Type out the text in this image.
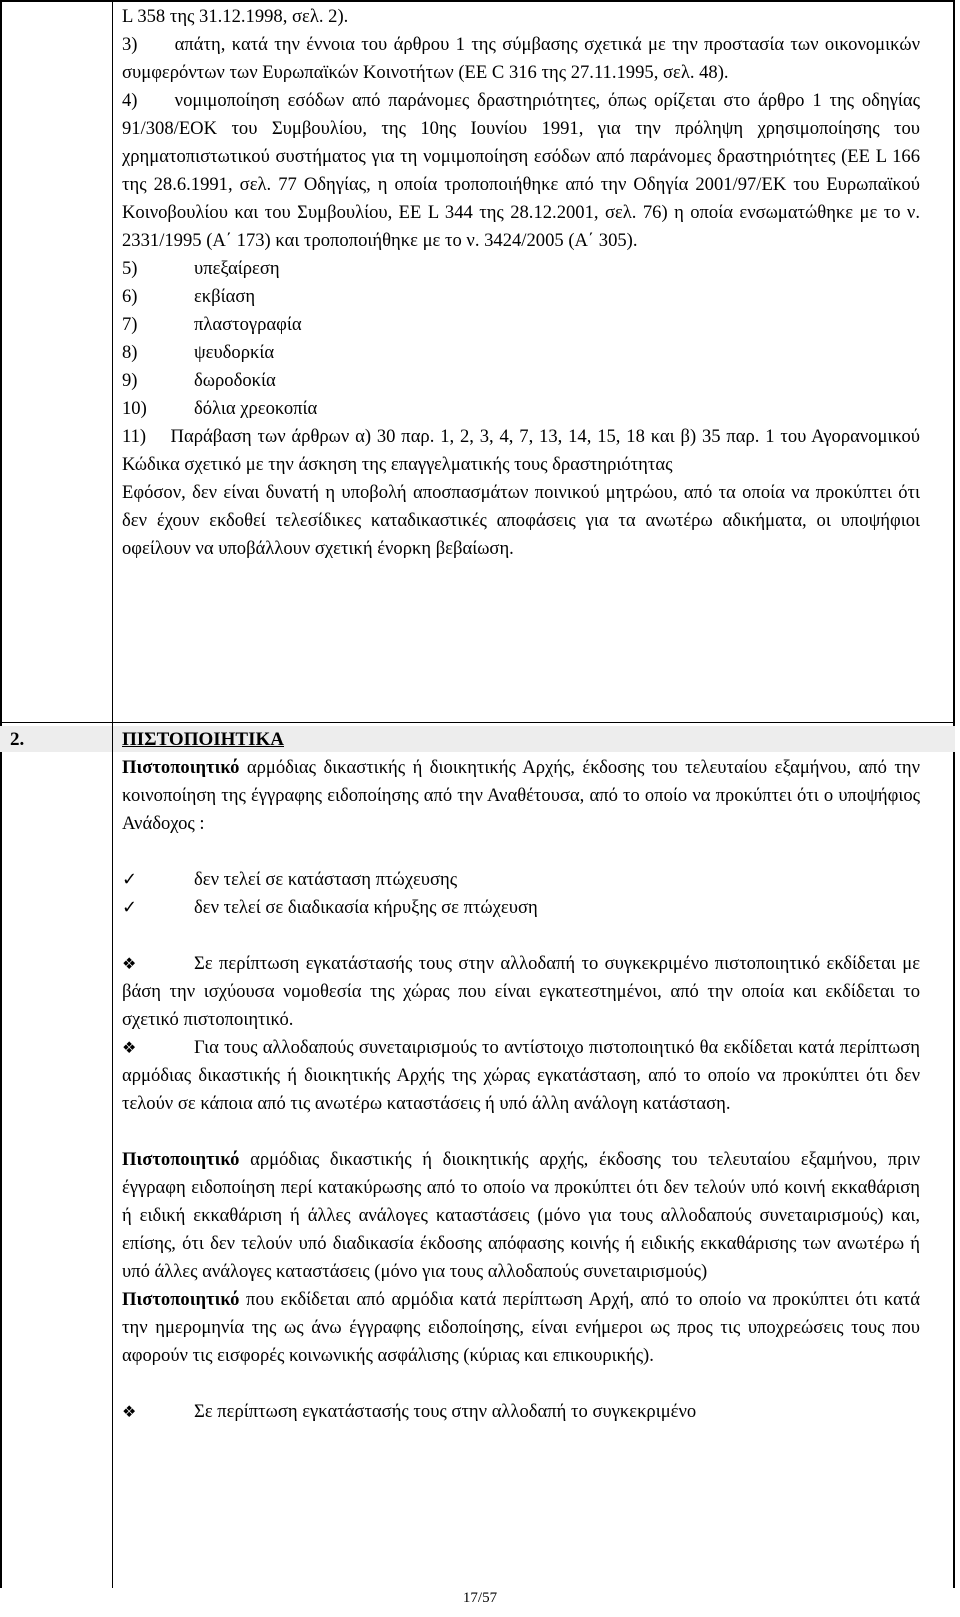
L 358 της 31.12.1998, σελ. 2).

3)  απάτη, κατά την έννοια του άρθρου 1 της σύμβασης σχετικά με την προστασία των οικονομικών συμφερόντων των Ευρωπαϊκών Κοινοτήτων (ΕΕ C 316 της 27.11.1995, σελ. 48).

4)  νομιμοποίηση εσόδων από παράνομες δραστηριότητες, όπως ορίζεται στο άρθρο 1 της οδηγίας 91/308/ΕΟΚ του Συμβουλίου, της 10ης Ιουνίου 1991, για την πρόληψη χρησιμοποίησης του χρηματοπιστωτικού συστήματος για τη νομιμοποίηση εσόδων από παράνομες δραστηριότητες (ΕΕ L 166 της 28.6.1991, σελ. 77 Οδηγίας, η οποία τροποποιήθηκε από την Οδηγία 2001/97/ΕΚ του Ευρωπαϊκού Κοινοβουλίου και του Συμβουλίου, ΕΕ L 344 της 28.12.2001, σελ. 76) η οποία ενσωματώθηκε με το ν. 2331/1995 (Α΄ 173) και τροποποιήθηκε με το ν. 3424/2005 (Α΄ 305).

5)	υπεξαίρεση
6)	εκβίαση
7)	πλαστογραφία
8)	ψευδορκία
9)	δωροδοκία
10)	δόλια χρεοκοπία

11)  Παράβαση των άρθρων α) 30 παρ. 1, 2, 3, 4, 7, 13, 14, 15, 18 και β) 35 παρ. 1 του Αγορανομικού Κώδικα σχετικό με την άσκηση της επαγγελματικής τους δραστηριότητας

Εφόσον, δεν είναι δυνατή η υποβολή αποσπασμάτων ποινικού μητρώου, από τα οποία να προκύπτει ότι δεν έχουν εκδοθεί τελεσίδικες καταδικαστικές αποφάσεις για τα ανωτέρω αδικήματα, οι υποψήφιοι οφείλουν να υποβάλλουν σχετική ένορκη βεβαίωση.

2.	ΠΙΣΤΟΠΟΙΗΤΙΚΑ

Πιστοποιητικό αρμόδιας δικαστικής ή διοικητικής Αρχής, έκδοσης του τελευταίου εξαμήνου, από την κοινοποίηση της έγγραφης ειδοποίησης από την Αναθέτουσα, από το οποίο να προκύπτει ότι ο υποψήφιος Ανάδοχος :

✓	δεν τελεί σε κατάσταση πτώχευσης
✓	δεν τελεί σε διαδικασία κήρυξης σε πτώχευση

❖	Σε περίπτωση εγκατάστασής τους στην αλλοδαπή το συγκεκριμένο πιστοποιητικό εκδίδεται με βάση την ισχύουσα νομοθεσία της χώρας που είναι εγκατεστημένοι, από την οποία και εκδίδεται το σχετικό πιστοποιητικό.

❖	Για τους αλλοδαπούς συνεταιρισμούς το αντίστοιχο πιστοποιητικό θα εκδίδεται κατά περίπτωση αρμόδιας δικαστικής ή διοικητικής Αρχής της χώρας εγκατάσταση, από το οποίο να προκύπτει ότι δεν τελούν σε κάποια από τις ανωτέρω καταστάσεις ή υπό άλλη ανάλογη κατάσταση.

Πιστοποιητικό αρμόδιας δικαστικής ή διοικητικής αρχής, έκδοσης του τελευταίου εξαμήνου, πριν έγγραφη ειδοποίηση περί κατακύρωσης από το οποίο να προκύπτει ότι δεν τελούν υπό κοινή εκκαθάριση ή ειδική εκκαθάριση ή άλλες ανάλογες καταστάσεις (μόνο για τους αλλοδαπούς συνεταιρισμούς) και, επίσης, ότι δεν τελούν υπό διαδικασία έκδοσης απόφασης κοινής ή ειδικής εκκαθάρισης των ανωτέρω ή υπό άλλες ανάλογες καταστάσεις (μόνο για τους αλλοδαπούς συνεταιρισμούς)

Πιστοποιητικό που εκδίδεται από αρμόδια κατά περίπτωση Αρχή, από το οποίο να προκύπτει ότι κατά την ημερομηνία της ως άνω έγγραφης ειδοποίησης, είναι ενήμεροι ως προς τις υποχρεώσεις τους που αφορούν τις εισφορές κοινωνικής ασφάλισης (κύριας και επικουρικής).

❖	Σε περίπτωση εγκατάστασής τους στην αλλοδαπή το συγκεκριμένο

17/57
